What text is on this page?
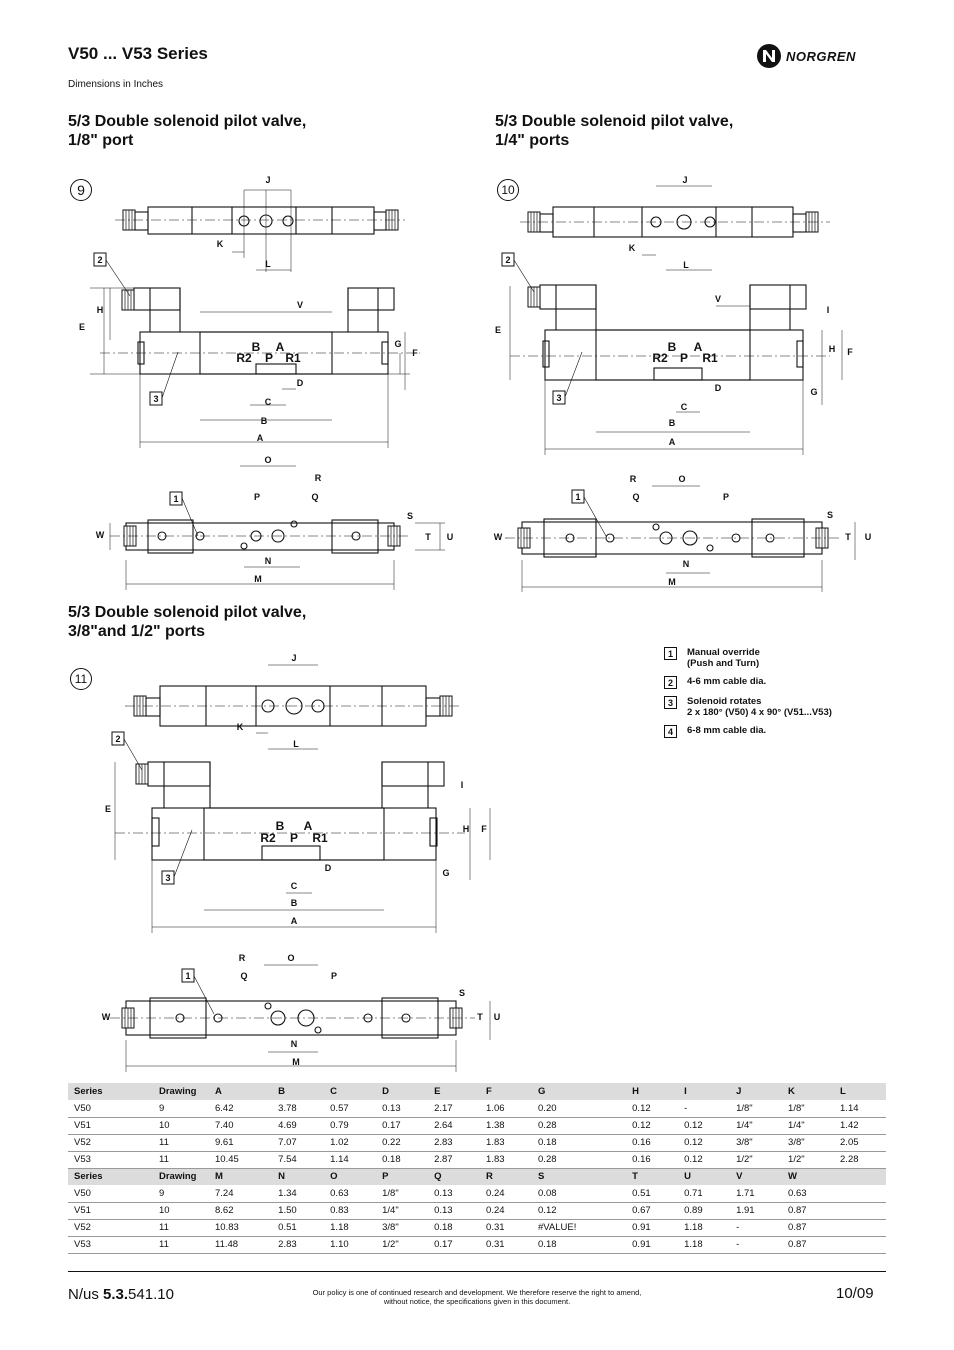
V50 ... V53 Series
Dimensions in Inches
NORGREN
5/3 Double solenoid pilot valve,
1/8" port
5/3 Double solenoid pilot valve,
1/4" ports
5/3 Double solenoid pilot valve,
3/8"and 1/2" ports
9	10
11
2
3
1
2
3
1
2
3
1
J
K
L
V
E
H
G
F
D
C
B
A
B A
R2 P R1
O
R
P	Q
W
S
T U
N
M
J
K
L
V
E
I
H F
G
D
C
B
A
B A
R2 P R1
R	O
Q	P
W
S
T U
N
M
J
K
L
E
I
H F
G
D
C
B
A
B A
R2 P R1
R	O
Q	P
W
S
T U
N
M
1	Manual override
(Push and Turn)
2	4-6 mm cable dia.
3	Solenoid rotates
2 x 180° (V50) 4 x 90° (V51...V53)
4	6-8 mm cable dia.
Series	Drawing	A	B	C	D	E	F	G	H	I	J	K	L
V50	9	6.42	3.78	0.57	0.13	2.17	1.06	0.20	0.12	-	1/8"	1/8"	1.14
V51	10	7.40	4.69	0.79	0.17	2.64	1.38	0.28	0.12	0.12	1/4"	1/4"	1.42
V52	11	9.61	7.07	1.02	0.22	2.83	1.83	0.18	0.16	0.12	3/8"	3/8"	2.05
V53	11	10.45	7.54	1.14	0.18	2.87	1.83	0.28	0.16	0.12	1/2"	1/2"	2.28
Series	Drawing	M	N	O	P	Q	R	S	T	U	V	W	
V50	9	7.24	1.34	0.63	1/8"	0.13	0.24	0.08	0.51	0.71	1.71	0.63	
V51	10	8.62	1.50	0.83	1/4"	0.13	0.24	0.12	0.67	0.89	1.91	0.87	
V52	11	10.83	0.51	1.18	3/8"	0.18	0.31	#VALUE!	0.91	1.18	-	0.87	
V53	11	11.48	2.83	1.10	1/2"	0.17	0.31	0.18	0.91	1.18	-	0.87	
N/us 5.3.541.10	Our policy is one of continued research and development. We therefore reserve the right to amend,
without notice, the specifications given in this document.	10/09
